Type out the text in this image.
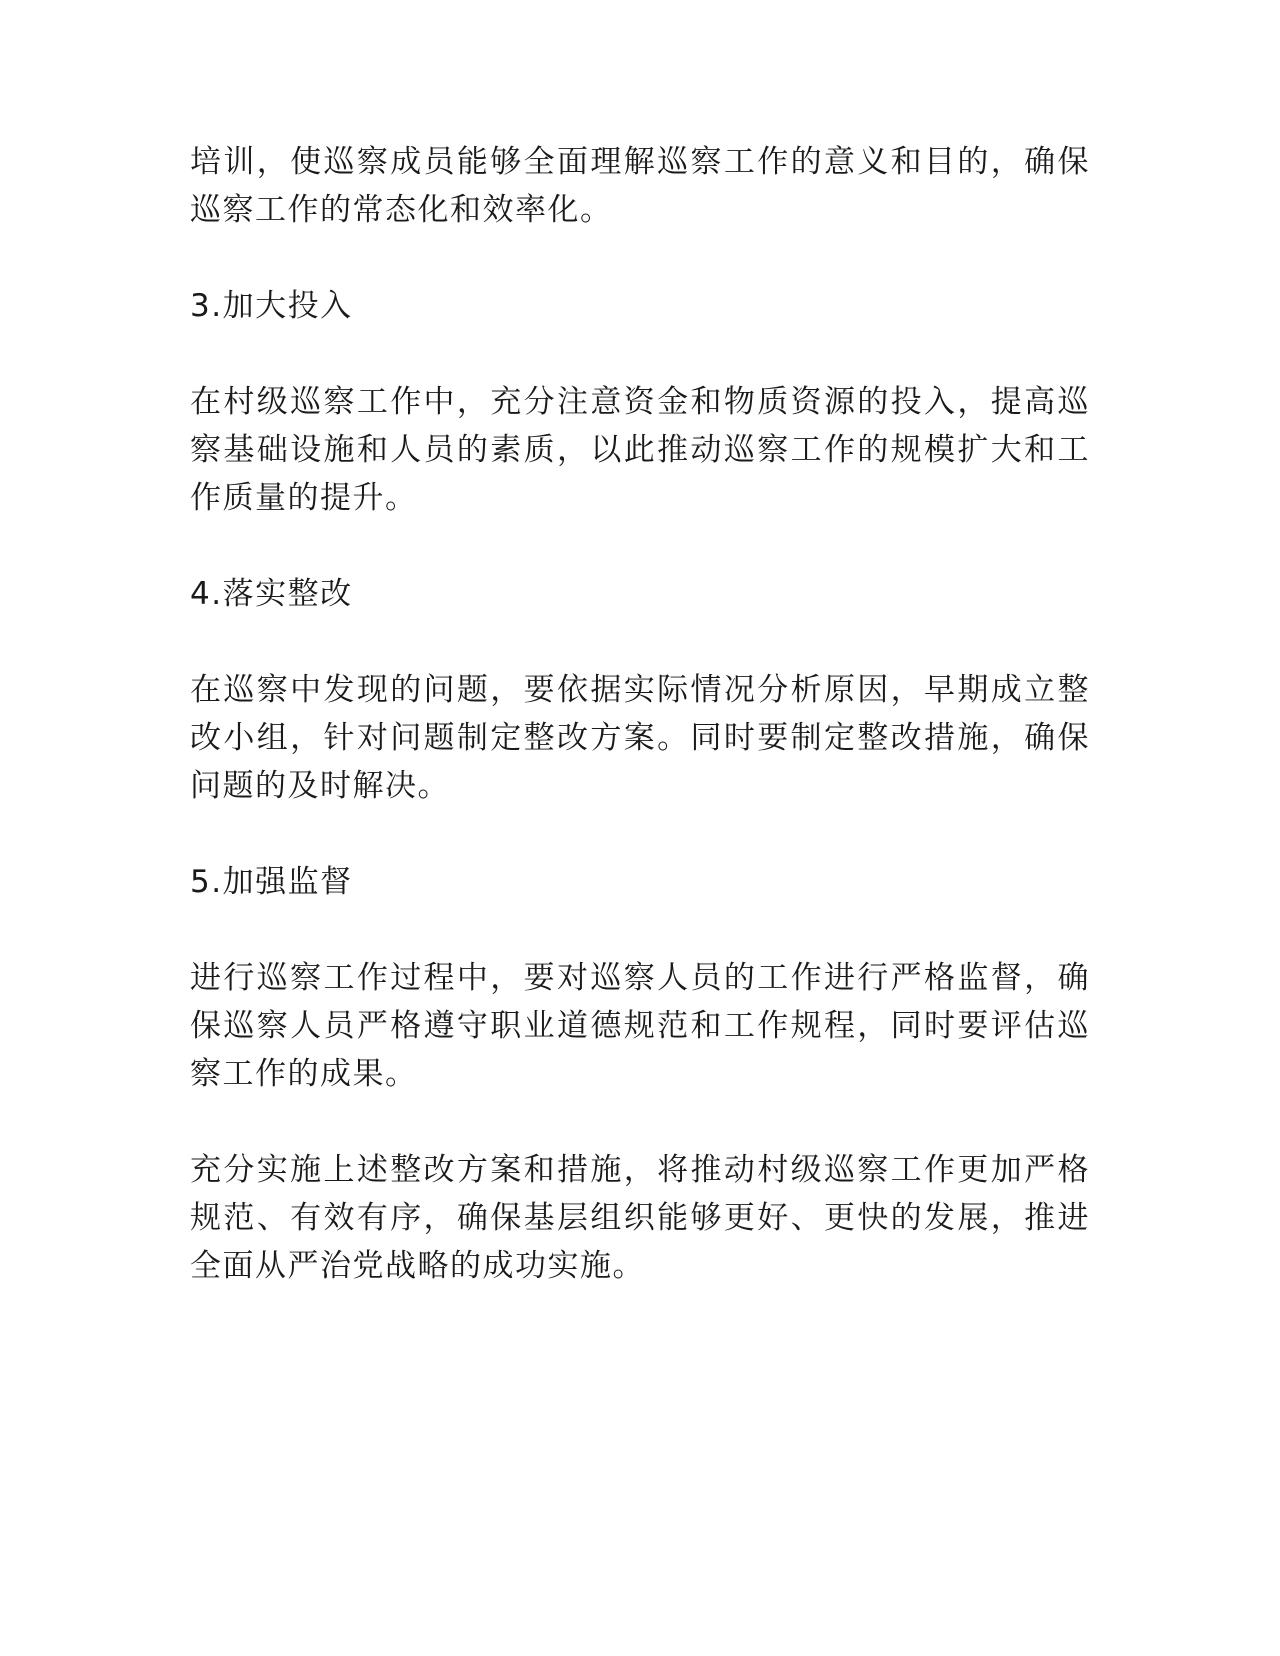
培训，使巡察成员能够全面理解巡察工作的意义和目的，确保巡察工作的常态化和效率化。

3.加大投入

在村级巡察工作中，充分注意资金和物质资源的投入，提高巡察基础设施和人员的素质，以此推动巡察工作的规模扩大和工作质量的提升。

4.落实整改

在巡察中发现的问题，要依据实际情况分析原因，早期成立整改小组，针对问题制定整改方案。同时要制定整改措施，确保问题的及时解决。

5.加强监督

进行巡察工作过程中，要对巡察人员的工作进行严格监督，确保巡察人员严格遵守职业道德规范和工作规程，同时要评估巡察工作的成果。

充分实施上述整改方案和措施，将推动村级巡察工作更加严格规范、有效有序，确保基层组织能够更好、更快的发展，推进全面从严治党战略的成功实施。
